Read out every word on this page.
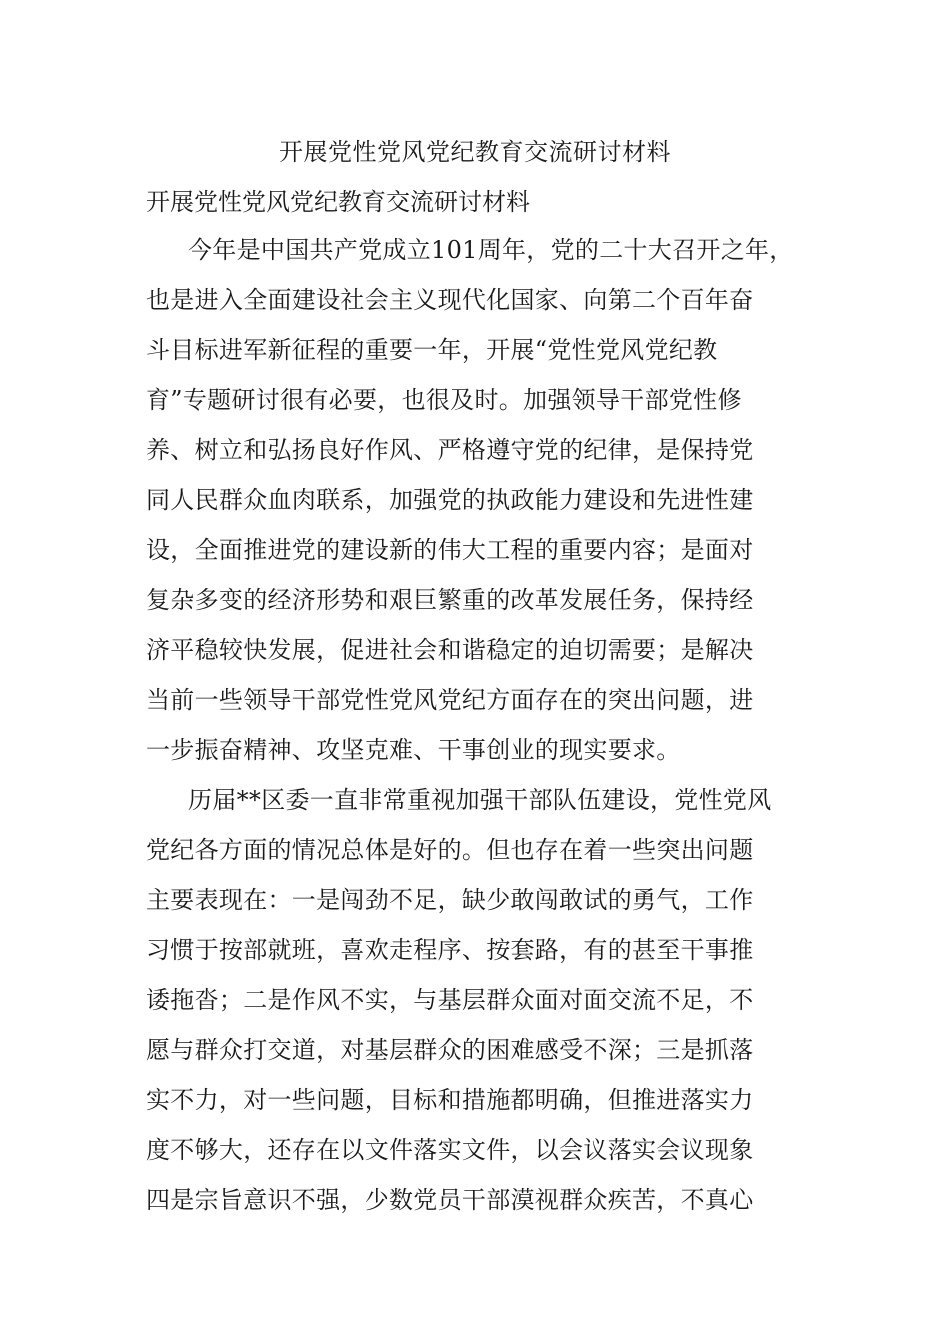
开展党性党风党纪教育交流研讨材料
开展党性党风党纪教育交流研讨材料
今年是中国共产党成立101周年，党的二十大召开之年，
也是进入全面建设社会主义现代化国家、向第二个百年奋
斗目标进军新征程的重要一年，开展“党性党风党纪教
育”专题研讨很有必要，也很及时。加强领导干部党性修
养、树立和弘扬良好作风、严格遵守党的纪律，是保持党
同人民群众血肉联系，加强党的执政能力建设和先进性建
设，全面推进党的建设新的伟大工程的重要内容；是面对
复杂多变的经济形势和艰巨繁重的改革发展任务，保持经
济平稳较快发展，促进社会和谐稳定的迫切需要；是解决
当前一些领导干部党性党风党纪方面存在的突出问题，进
一步振奋精神、攻坚克难、干事创业的现实要求。
历届**区委一直非常重视加强干部队伍建设，党性党风
党纪各方面的情况总体是好的。但也存在着一些突出问题
主要表现在：一是闯劲不足，缺少敢闯敢试的勇气，工作
习惯于按部就班，喜欢走程序、按套路，有的甚至干事推
诿拖沓；二是作风不实，与基层群众面对面交流不足，不
愿与群众打交道，对基层群众的困难感受不深；三是抓落
实不力，对一些问题，目标和措施都明确，但推进落实力
度不够大，还存在以文件落实文件，以会议落实会议现象
四是宗旨意识不强，少数党员干部漠视群众疾苦，不真心
